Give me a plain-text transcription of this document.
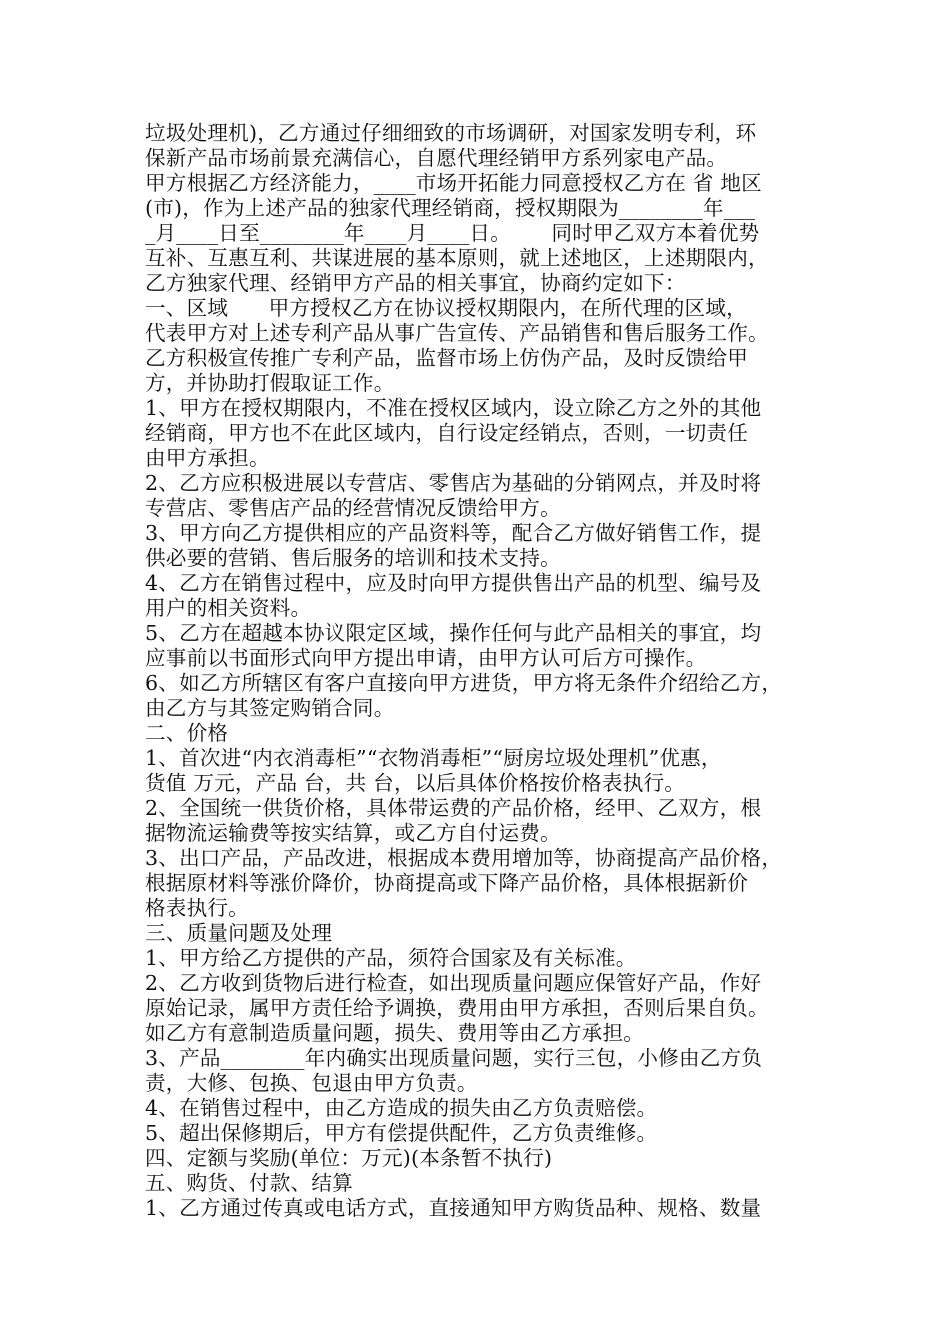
垃圾处理机)，乙方通过仔细细致的市场调研，对国家发明专利，环
保新产品市场前景充满信心，自愿代理经销甲方系列家电产品。
甲方根据乙方经济能力，____市场开拓能力同意授权乙方在 省 地区
(市)，作为上述产品的独家代理经销商，授权期限为________年___
_月____日至________年____月____日。      同时甲乙双方本着优势
互补、互惠互利、共谋进展的基本原则，就上述地区，上述期限内，
乙方独家代理、经销甲方产品的相关事宜，协商约定如下：
一、区域      甲方授权乙方在协议授权期限内，在所代理的区域，
代表甲方对上述专利产品从事广告宣传、产品销售和售后服务工作。
乙方积极宣传推广专利产品，监督市场上仿伪产品，及时反馈给甲
方，并协助打假取证工作。
1、甲方在授权期限内，不准在授权区域内，设立除乙方之外的其他
经销商，甲方也不在此区域内，自行设定经销点，否则，一切责任
由甲方承担。
2、乙方应积极进展以专营店、零售店为基础的分销网点，并及时将
专营店、零售店产品的经营情况反馈给甲方。
3、甲方向乙方提供相应的产品资料等，配合乙方做好销售工作，提
供必要的营销、售后服务的培训和技术支持。
4、乙方在销售过程中，应及时向甲方提供售出产品的机型、编号及
用户的相关资料。
5、乙方在超越本协议限定区域，操作任何与此产品相关的事宜，均
应事前以书面形式向甲方提出申请，由甲方认可后方可操作。
6、如乙方所辖区有客户直接向甲方进货，甲方将无条件介绍给乙方，
由乙方与其签定购销合同。
二、价格
1、首次进“内衣消毒柜”“衣物消毒柜”“厨房垃圾处理机”优惠，
货值 万元，产品 台，共 台，以后具体价格按价格表执行。
2、全国统一供货价格，具体带运费的产品价格，经甲、乙双方，根
据物流运输费等按实结算，或乙方自付运费。
3、出口产品，产品改进，根据成本费用增加等，协商提高产品价格，
根据原材料等涨价降价，协商提高或下降产品价格，具体根据新价
格表执行。
三、质量问题及处理
1、甲方给乙方提供的产品，须符合国家及有关标准。
2、乙方收到货物后进行检查，如出现质量问题应保管好产品，作好
原始记录，属甲方责任给予调换，费用由甲方承担，否则后果自负。
如乙方有意制造质量问题，损失、费用等由乙方承担。
3、产品________年内确实出现质量问题，实行三包，小修由乙方负
责，大修、包换、包退由甲方负责。
4、在销售过程中，由乙方造成的损失由乙方负责赔偿。
5、超出保修期后，甲方有偿提供配件，乙方负责维修。
四、定额与奖励(单位：万元)(本条暂不执行)
五、购货、付款、结算
1、乙方通过传真或电话方式，直接通知甲方购货品种、规格、数量
